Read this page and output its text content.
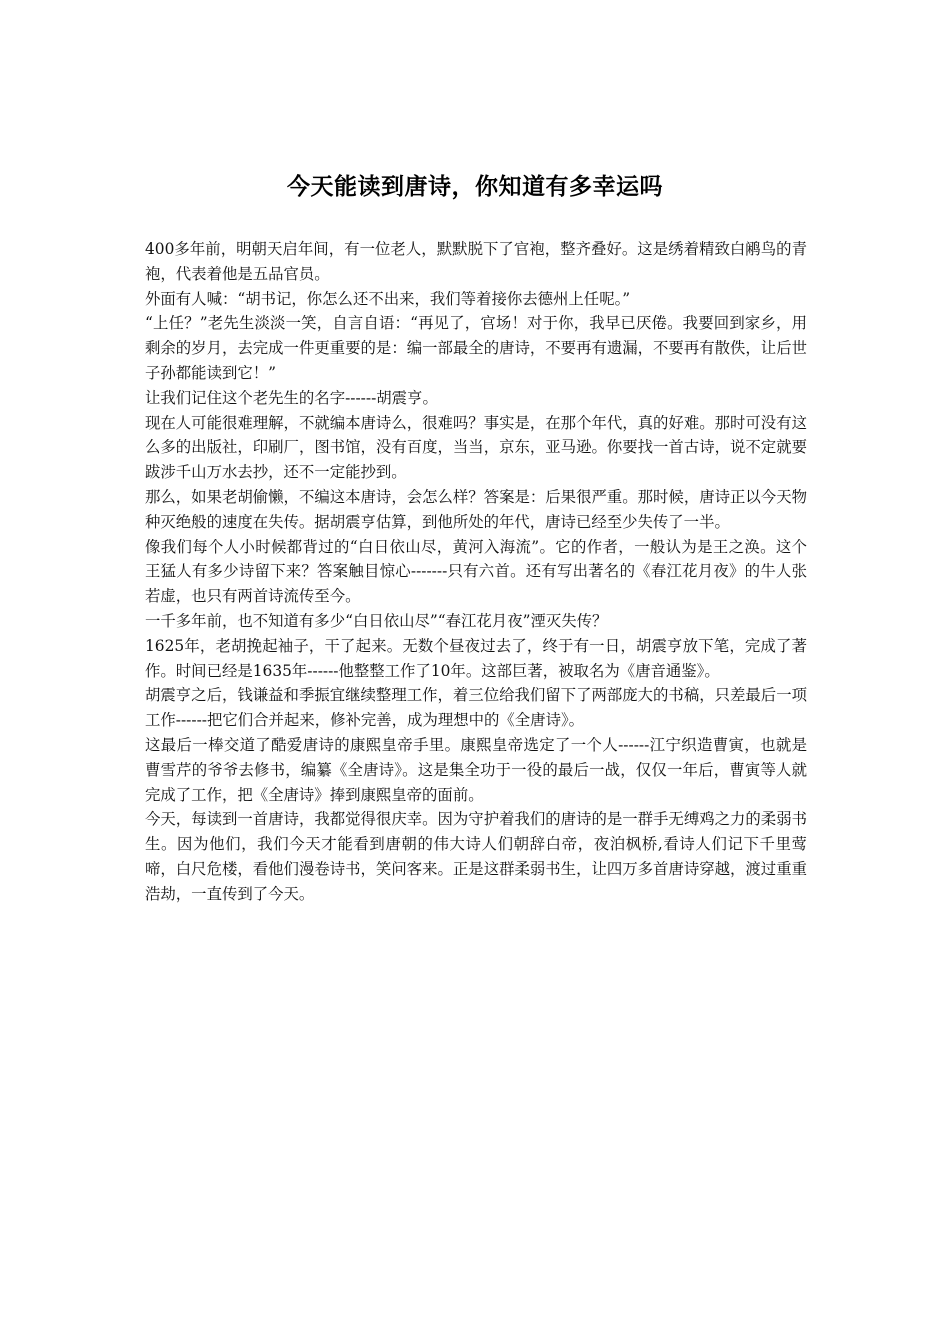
今天能读到唐诗，你知道有多幸运吗

400多年前，明朝天启年间，有一位老人，默默脱下了官袍，整齐叠好。这是绣着精致白鹇鸟的青袍，代表着他是五品官员。

外面有人喊：“胡书记，你怎么还不出来，我们等着接你去德州上任呢。”

“上任？”老先生淡淡一笑，自言自语：“再见了，官场！对于你，我早已厌倦。我要回到家乡，用剩余的岁月，去完成一件更重要的是：编一部最全的唐诗，不要再有遗漏，不要再有散佚，让后世子孙都能读到它！”

让我们记住这个老先生的名字------胡震亨。

现在人可能很难理解，不就编本唐诗么，很难吗？事实是，在那个年代，真的好难。那时可没有这么多的出版社，印刷厂，图书馆，没有百度，当当，京东，亚马逊。你要找一首古诗，说不定就要跋涉千山万水去抄，还不一定能抄到。

那么，如果老胡偷懒，不编这本唐诗，会怎么样？答案是：后果很严重。那时候，唐诗正以今天物种灭绝般的速度在失传。据胡震亨估算，到他所处的年代，唐诗已经至少失传了一半。

像我们每个人小时候都背过的“白日依山尽，黄河入海流”。它的作者，一般认为是王之涣。这个王猛人有多少诗留下来？答案触目惊心-------只有六首。还有写出著名的《春江花月夜》的牛人张若虚，也只有两首诗流传至今。

一千多年前，也不知道有多少“白日依山尽”“春江花月夜”湮灭失传？

1625年，老胡挽起袖子，干了起来。无数个昼夜过去了，终于有一日，胡震亨放下笔，完成了著作。时间已经是1635年------他整整工作了10年。这部巨著，被取名为《唐音通鉴》。

胡震亨之后，钱谦益和季振宜继续整理工作，着三位给我们留下了两部庞大的书稿，只差最后一项工作------把它们合并起来，修补完善，成为理想中的《全唐诗》。

这最后一棒交道了酷爱唐诗的康熙皇帝手里。康熙皇帝选定了一个人------江宁织造曹寅，也就是曹雪芹的爷爷去修书，编纂《全唐诗》。这是集全功于一役的最后一战，仅仅一年后，曹寅等人就完成了工作，把《全唐诗》捧到康熙皇帝的面前。

今天，每读到一首唐诗，我都觉得很庆幸。因为守护着我们的唐诗的是一群手无缚鸡之力的柔弱书生。因为他们，我们今天才能看到唐朝的伟大诗人们朝辞白帝，夜泊枫桥,看诗人们记下千里莺啼，白尺危楼，看他们漫卷诗书，笑问客来。正是这群柔弱书生，让四万多首唐诗穿越，渡过重重浩劫，一直传到了今天。
